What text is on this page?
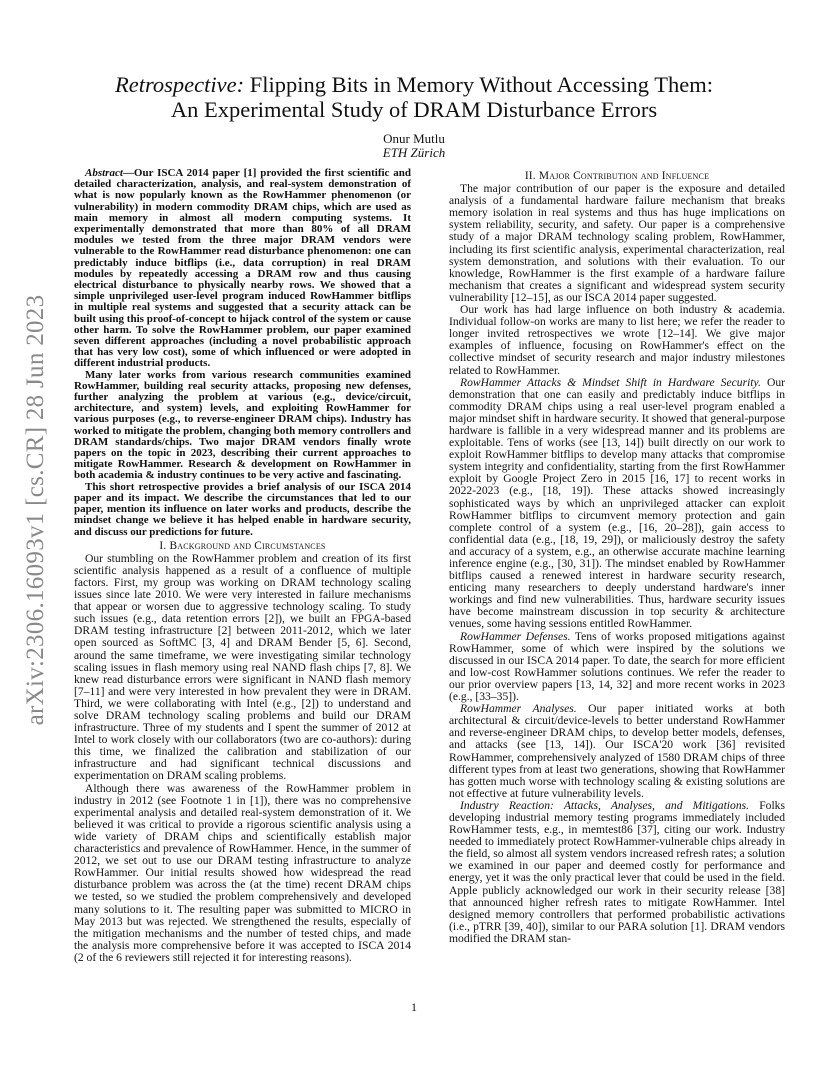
Retrospective: Flipping Bits in Memory Without Accessing Them:
An Experimental Study of DRAM Disturbance Errors
Onur Mutlu
ETH Zürich
arXiv:2306.16093v1 [cs.CR] 28 Jun 2023

Abstract—Our ISCA 2014 paper [1] provided the first scientific and detailed characterization, analysis, and real-system demonstration of what is now popularly known as the RowHammer phenomenon (or vulnerability) in modern commodity DRAM chips, which are used as main memory in almost all modern computing systems. It experimentally demonstrated that more than 80% of all DRAM modules we tested from the three major DRAM vendors were vulnerable to the RowHammer read disturbance phenomenon: one can predictably induce bitflips (i.e., data corruption) in real DRAM modules by repeatedly accessing a DRAM row and thus causing electrical disturbance to physically nearby rows. We showed that a simple unprivileged user-level program induced RowHammer bitflips in multiple real systems and suggested that a security attack can be built using this proof-of-concept to hijack control of the system or cause other harm. To solve the RowHammer problem, our paper examined seven different approaches (including a novel probabilistic approach that has very low cost), some of which influenced or were adopted in different industrial products.

Many later works from various research communities examined RowHammer, building real security attacks, proposing new defenses, further analyzing the problem at various (e.g., device/circuit, architecture, and system) levels, and exploiting RowHammer for various purposes (e.g., to reverse-engineer DRAM chips). Industry has worked to mitigate the problem, changing both memory controllers and DRAM standards/chips. Two major DRAM vendors finally wrote papers on the topic in 2023, describing their current approaches to mitigate RowHammer. Research & development on RowHammer in both academia & industry continues to be very active and fascinating.

This short retrospective provides a brief analysis of our ISCA 2014 paper and its impact. We describe the circumstances that led to our paper, mention its influence on later works and products, describe the mindset change we believe it has helped enable in hardware security, and discuss our predictions for future.

I. Background and Circumstances

Our stumbling on the RowHammer problem and creation of its first scientific analysis happened as a result of a confluence of multiple factors. First, my group was working on DRAM technology scaling issues since late 2010. We were very interested in failure mechanisms that appear or worsen due to aggressive technology scaling. To study such issues (e.g., data retention errors [2]), we built an FPGA-based DRAM testing infrastructure [2] between 2011-2012, which we later open sourced as SoftMC [3, 4] and DRAM Bender [5, 6]. Second, around the same timeframe, we were investigating similar technology scaling issues in flash memory using real NAND flash chips [7, 8]. We knew read disturbance errors were significant in NAND flash memory [7–11] and were very interested in how prevalent they were in DRAM. Third, we were collaborating with Intel (e.g., [2]) to understand and solve DRAM technology scaling problems and build our DRAM infrastructure. Three of my students and I spent the summer of 2012 at Intel to work closely with our collaborators (two are co-authors): during this time, we finalized the calibration and stabilization of our infrastructure and had significant technical discussions and experimentation on DRAM scaling problems.

Although there was awareness of the RowHammer problem in industry in 2012 (see Footnote 1 in [1]), there was no comprehensive experimental analysis and detailed real-system demonstration of it. We believed it was critical to provide a rigorous scientific analysis using a wide variety of DRAM chips and scientifically establish major characteristics and prevalence of RowHammer. Hence, in the summer of 2012, we set out to use our DRAM testing infrastructure to analyze RowHammer. Our initial results showed how widespread the read disturbance problem was across the (at the time) recent DRAM chips we tested, so we studied the problem comprehensively and developed many solutions to it. The resulting paper was submitted to MICRO in May 2013 but was rejected. We strengthened the results, especially of the mitigation mechanisms and the number of tested chips, and made the analysis more comprehensive before it was accepted to ISCA 2014 (2 of the 6 reviewers still rejected it for interesting reasons).

II. Major Contribution and Influence

The major contribution of our paper is the exposure and detailed analysis of a fundamental hardware failure mechanism that breaks memory isolation in real systems and thus has huge implications on system reliability, security, and safety. Our paper is a comprehensive study of a major DRAM technology scaling problem, RowHammer, including its first scientific analysis, experimental characterization, real system demonstration, and solutions with their evaluation. To our knowledge, RowHammer is the first example of a hardware failure mechanism that creates a significant and widespread system security vulnerability [12–15], as our ISCA 2014 paper suggested.

Our work has had large influence on both industry & academia. Individual follow-on works are many to list here; we refer the reader to longer invited retrospectives we wrote [12–14]. We give major examples of influence, focusing on RowHammer's effect on the collective mindset of security research and major industry milestones related to RowHammer.

RowHammer Attacks & Mindset Shift in Hardware Security. Our demonstration that one can easily and predictably induce bitflips in commodity DRAM chips using a real user-level program enabled a major mindset shift in hardware security. It showed that general-purpose hardware is fallible in a very widespread manner and its problems are exploitable. Tens of works (see [13, 14]) built directly on our work to exploit RowHammer bitflips to develop many attacks that compromise system integrity and confidentiality, starting from the first RowHammer exploit by Google Project Zero in 2015 [16, 17] to recent works in 2022-2023 (e.g., [18, 19]). These attacks showed increasingly sophisticated ways by which an unprivileged attacker can exploit RowHammer bitflips to circumvent memory protection and gain complete control of a system (e.g., [16, 20–28]), gain access to confidential data (e.g., [18, 19, 29]), or maliciously destroy the safety and accuracy of a system, e.g., an otherwise accurate machine learning inference engine (e.g., [30, 31]). The mindset enabled by RowHammer bitflips caused a renewed interest in hardware security research, enticing many researchers to deeply understand hardware's inner workings and find new vulnerabilities. Thus, hardware security issues have become mainstream discussion in top security & architecture venues, some having sessions entitled RowHammer.

RowHammer Defenses. Tens of works proposed mitigations against RowHammer, some of which were inspired by the solutions we discussed in our ISCA 2014 paper. To date, the search for more efficient and low-cost RowHammer solutions continues. We refer the reader to our prior overview papers [13, 14, 32] and more recent works in 2023 (e.g., [33–35]).

RowHammer Analyses. Our paper initiated works at both architectural & circuit/device-levels to better understand RowHammer and reverse-engineer DRAM chips, to develop better models, defenses, and attacks (see [13, 14]). Our ISCA'20 work [36] revisited RowHammer, comprehensively analyzed of 1580 DRAM chips of three different types from at least two generations, showing that RowHammer has gotten much worse with technology scaling & existing solutions are not effective at future vulnerability levels.

Industry Reaction: Attacks, Analyses, and Mitigations. Folks developing industrial memory testing programs immediately included RowHammer tests, e.g., in memtest86 [37], citing our work. Industry needed to immediately protect RowHammer-vulnerable chips already in the field, so almost all system vendors increased refresh rates; a solution we examined in our paper and deemed costly for performance and energy, yet it was the only practical lever that could be used in the field. Apple publicly acknowledged our work in their security release [38] that announced higher refresh rates to mitigate RowHammer. Intel designed memory controllers that performed probabilistic activations (i.e., pTRR [39, 40]), similar to our PARA solution [1]. DRAM vendors modified the DRAM stan-

1
